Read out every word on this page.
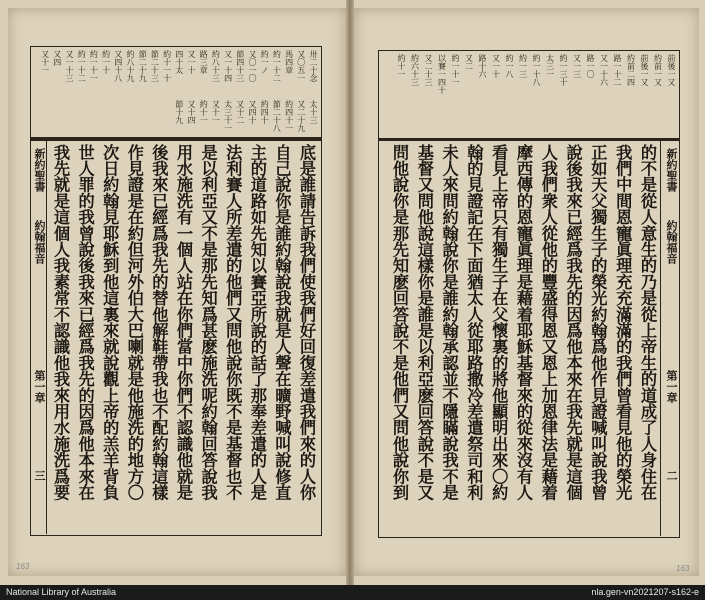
卅二十念
又〇五一
馬四章
約一十二
約一ノ
又〇一〇
節四十三
又一十四
約八十三
路三章
又一十
四十太
約十一十
節二十三
節二十九
約八十九
又四十八
約一十
約一十一
約一十二
又一十三
又四
又十一
太十三
又二十九
約四十一
節二十八
約四十
又四十
又十二
太三十一
又十一
約十一
又十四
節十九
底是誰請告訴我們使我們好回復差遣我們來的人你
自己說你是誰約翰說我就是人聲在曠野喊叫說修直
主的道路如先知以賽亞所說的話了那奉差遣的人是
法利賽人所差遣的他們又問他說你既不是基督也不
是以利亞又不是那先知爲甚麽施洗呢約翰回答說我
用水施洗有一個人站在你們當中你們不認識他就是
後我來已經爲我先的替他解鞋帶我也不配約翰這樣
作見證是在約但河外伯大巴喇就是他施洗的地方〇
次日約翰見耶穌到他這裏來就說觀上帝的羔羊背負
世人罪的我曾說後我來已經爲我先的因爲他本來在
我先就是這個人我素常不認識他我來用水施洗爲要
新約聖書
約翰福音
第一章
三
163
前後一又
約前一又
前後一又
約前二四
路一十二
又一十六
路一〇
又一三
約一三十
太三一
約一十八
約一三
約一八
又一十
路十六
又二
約一十一
以賽一四十
又二十三
約六十三
約十一
的不是從人意生的乃是從上帝生的道成了人身住在
我們中間恩寵眞理充充滿滿的我們曾看見他的榮光
正如天父獨生子的榮光約翰爲他作見證喊叫說我曾
說後我來已經爲我先的因爲他本來在我先就是這個
人我們衆人從他的豐盛得恩又恩上加恩律法是藉着
摩西傳的恩寵眞理是藉着耶穌基督來的從來沒有人
看見上帝只有獨生子在父懷裏的將他顯明出來〇約
翰的見證記在下面猶太人從耶路撒冷差遣祭司和利
未人來問約翰說你是誰約翰承認並不隱瞞說我不是
基督又問他說這樣你是誰是以利亞麽回答說不是又
問他說你是那先知麽回答說不是他們又問他說你到	新約聖書
約翰福音
第一章
二
163
National Library of Australia	nla.gen-vn2021207-s162-e
